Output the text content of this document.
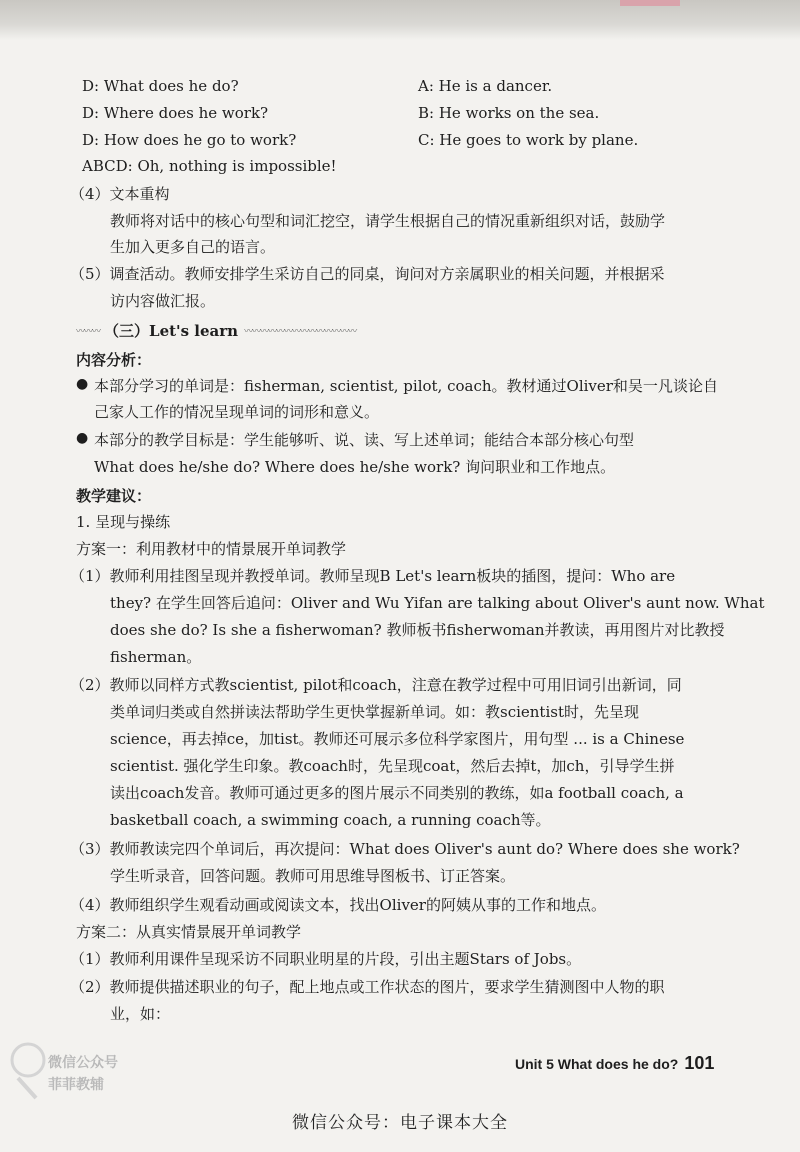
D: What does he do?	A: He is a dancer.
D: Where does he work?	B: He works on the sea.
D: How does he go to work?	C: He goes to work by plane.
ABCD: Oh, nothing is impossible!
（4）文本重构
教师将对话中的核心句型和词汇挖空，请学生根据自己的情况重新组织对话，鼓励学
生加入更多自己的语言。
（5）调查活动。教师安排学生采访自己的同桌，询问对方亲属职业的相关问题，并根据采
访内容做汇报。
〰〰〰 （三）Let's learn 〰〰〰〰〰〰〰〰〰〰〰〰〰〰
内容分析：
● 本部分学习的单词是：fisherman, scientist, pilot, coach。教材通过Oliver和吴一凡谈论自
己家人工作的情况呈现单词的词形和意义。
● 本部分的教学目标是：学生能够听、说、读、写上述单词；能结合本部分核心句型
What does he/she do? Where does he/she work? 询问职业和工作地点。
教学建议：
1. 呈现与操练
方案一：利用教材中的情景展开单词教学
（1）教师利用挂图呈现并教授单词。教师呈现B Let's learn板块的插图，提问：Who are
they? 在学生回答后追问：Oliver and Wu Yifan are talking about Oliver's aunt now. What
does she do? Is she a fisherwoman? 教师板书fisherwoman并教读，再用图片对比教授
fisherman。
（2）教师以同样方式教scientist, pilot和coach，注意在教学过程中可用旧词引出新词，同
类单词归类或自然拼读法帮助学生更快掌握新单词。如：教scientist时，先呈现
science，再去掉ce，加tist。教师还可展示多位科学家图片，用句型 ... is a Chinese
scientist. 强化学生印象。教coach时，先呈现coat，然后去掉t，加ch，引导学生拼
读出coach发音。教师可通过更多的图片展示不同类别的教练，如a football coach, a
basketball coach, a swimming coach, a running coach等。
（3）教师教读完四个单词后，再次提问：What does Oliver's aunt do? Where does she work?
学生听录音，回答问题。教师可用思维导图板书、订正答案。
（4）教师组织学生观看动画或阅读文本，找出Oliver的阿姨从事的工作和地点。
方案二：从真实情景展开单词教学
（1）教师利用课件呈现采访不同职业明星的片段，引出主题Stars of Jobs。
（2）教师提供描述职业的句子，配上地点或工作状态的图片，要求学生猜测图中人物的职
业，如：
Unit 5 What does he do? 101
微信公众号
菲菲教辅
微信公众号：电子课本大全
